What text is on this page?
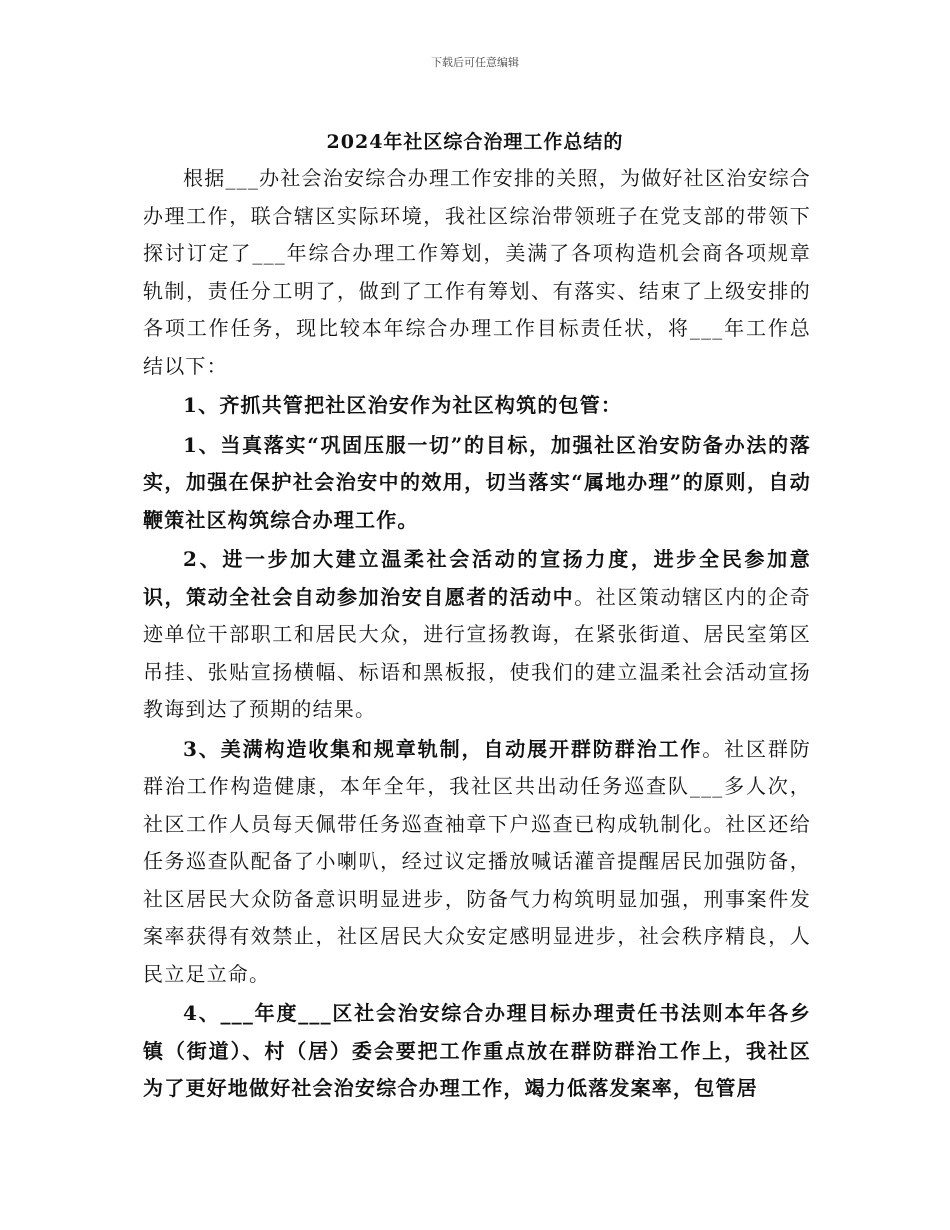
下载后可任意编辑
2024年社区综合治理工作总结的

根据___办社会治安综合办理工作安排的关照，为做好社区治安综合办理工作，联合辖区实际环境，我社区综治带领班子在党支部的带领下探讨订定了___年综合办理工作筹划，美满了各项构造机会商各项规章轨制，责任分工明了，做到了工作有筹划、有落实、结束了上级安排的各项工作任务，现比较本年综合办理工作目标责任状，将___年工作总结以下：

1、齐抓共管把社区治安作为社区构筑的包管：

1、当真落实“巩固压服一切”的目标，加强社区治安防备办法的落实，加强在保护社会治安中的效用，切当落实“属地办理”的原则，自动鞭策社区构筑综合办理工作。

2、进一步加大建立温柔社会活动的宣扬力度，进步全民参加意识，策动全社会自动参加治安自愿者的活动中。社区策动辖区内的企奇迹单位干部职工和居民大众，进行宣扬教诲，在紧张街道、居民室第区吊挂、张贴宣扬横幅、标语和黑板报，使我们的建立温柔社会活动宣扬教诲到达了预期的结果。

3、美满构造收集和规章轨制，自动展开群防群治工作。社区群防群治工作构造健康，本年全年，我社区共出动任务巡查队___多人次，社区工作人员每天佩带任务巡查袖章下户巡查已构成轨制化。社区还给任务巡查队配备了小喇叭，经过议定播放喊话灌音提醒居民加强防备，社区居民大众防备意识明显进步，防备气力构筑明显加强，刑事案件发案率获得有效禁止，社区居民大众安定感明显进步，社会秩序精良，人民立足立命。

4、___年度___区社会治安综合办理目标办理责任书法则本年各乡镇（街道）、村（居）委会要把工作重点放在群防群治工作上，我社区为了更好地做好社会治安综合办理工作，竭力低落发案率，包管居
